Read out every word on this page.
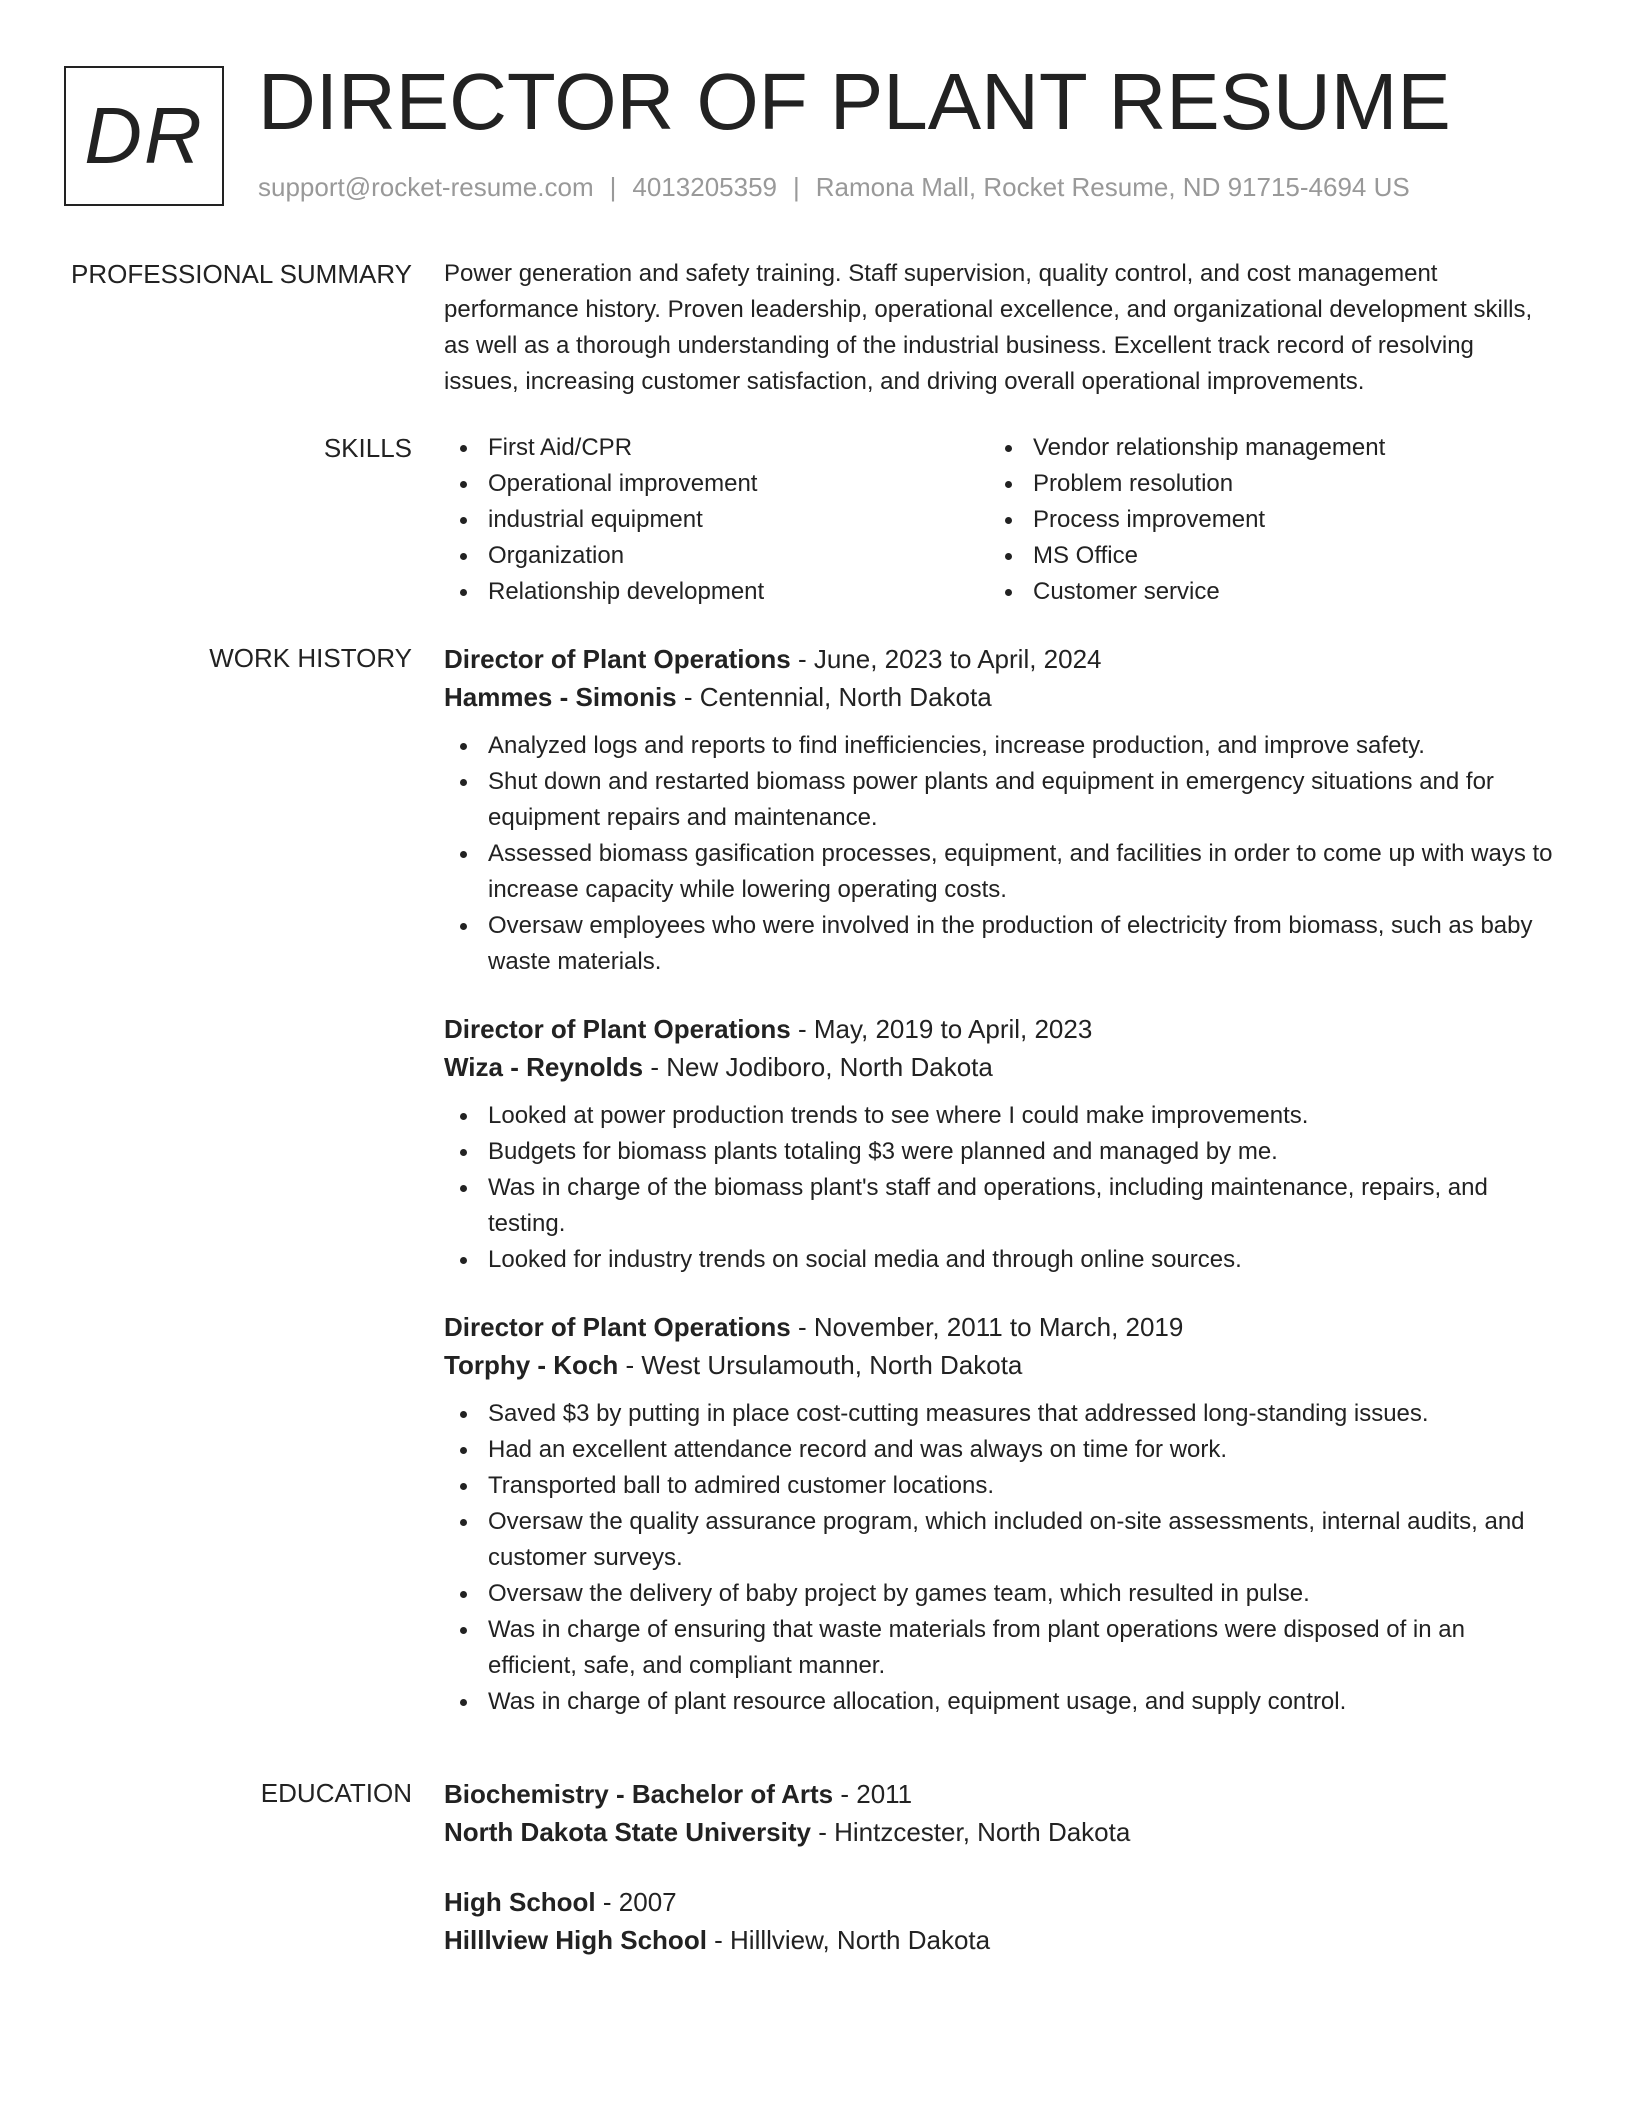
DR DIRECTOR OF PLANT RESUME
support@rocket-resume.com | 4013205359 | Ramona Mall, Rocket Resume, ND 91715-4694 US
PROFESSIONAL SUMMARY Power generation and safety training. Staff supervision, quality control, and cost management performance history. Proven leadership, operational excellence, and organizational development skills, as well as a thorough understanding of the industrial business. Excellent track record of resolving issues, increasing customer satisfaction, and driving overall operational improvements.

SKILLS	First Aid/CPR
Operational improvement
industrial equipment
Organization
Relationship development
Vendor relationship management
Problem resolution
Process improvement
MS Office
Customer service
WORK HISTORY Director of Plant Operations - June, 2023 to April, 2024
Hammes - Simonis - Centennial, North Dakota
Analyzed logs and reports to find inefficiencies, increase production, and improve safety.
Shut down and restarted biomass power plants and equipment in emergency situations and for equipment repairs and maintenance.
Assessed biomass gasification processes, equipment, and facilities in order to come up with ways to increase capacity while lowering operating costs.
Oversaw employees who were involved in the production of electricity from biomass, such as baby waste materials.
Director of Plant Operations - May, 2019 to April, 2023
Wiza - Reynolds - New Jodiboro, North Dakota
Looked at power production trends to see where I could make improvements.
Budgets for biomass plants totaling $3 were planned and managed by me.
Was in charge of the biomass plant's staff and operations, including maintenance, repairs, and testing.
Looked for industry trends on social media and through online sources.
Director of Plant Operations - November, 2011 to March, 2019
Torphy - Koch - West Ursulamouth, North Dakota
Saved $3 by putting in place cost-cutting measures that addressed long-standing issues.
Had an excellent attendance record and was always on time for work.
Transported ball to admired customer locations.
Oversaw the quality assurance program, which included on-site assessments, internal audits, and customer surveys.
Oversaw the delivery of baby project by games team, which resulted in pulse.
Was in charge of ensuring that waste materials from plant operations were disposed of in an efficient, safe, and compliant manner.
Was in charge of plant resource allocation, equipment usage, and supply control.
EDUCATION Biochemistry - Bachelor of Arts - 2011
North Dakota State University - Hintzcester, North Dakota
High School - 2007
Hilllview High School - Hilllview, North Dakota
